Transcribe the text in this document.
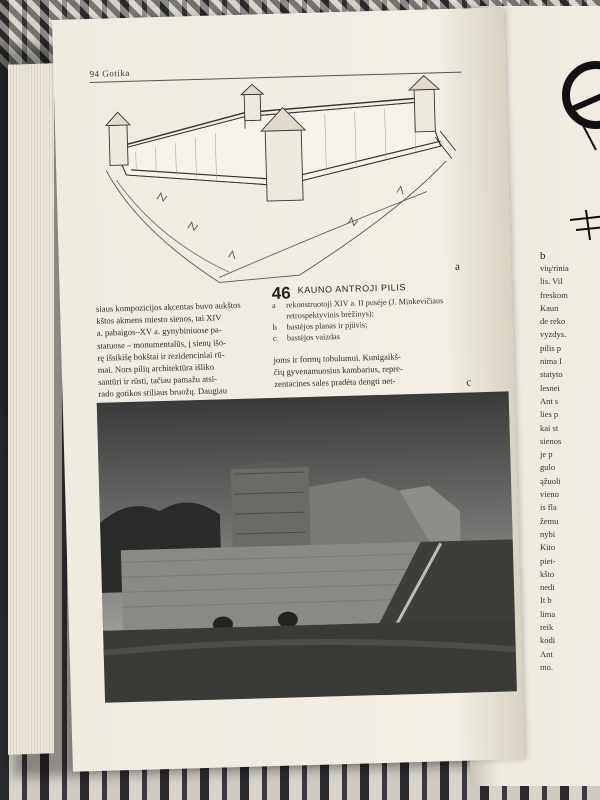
b
vių/rinia
lis. Vil
freskom
Kaun
de reko
vyzdys.
pilis p
nima I
statyto
lesnei
Ant s
lies p
kai st
sienos
je p
gulo
ąžuoli
vieno
is fla
žemu
nybi
Kito
piet-
kšto
nedi
It b
lima
reik
kodi
Ant
mo.
94 Gotika
a

siaus kompozicijos akcentas buvo aukštos

kštos akmens miesto sienos, tai XIV

a. pabaigos–XV a. gynybiniuose pa-

statuose – monumentalūs, į sienų išo-

rę išsikišę bokštai ir rezidenciniai rū-

mai. Nors pilių architektūra išliko

santūri ir rūsti, tačiau pamažu atsi-

rado gotikos stiliaus bruožų. Daugiau

46 KAUNO ANTROJI PILIS
a	rekonstruotoji XIV a. II pusėje (J. Minkevičiaus retrospektyvinis brėžinys);
b	bastėjos planas ir pjūvis;
c	bastėjos vaizdas

joms ir formų tobulumui. Kunigaikš-

čių gyvenamuosius kambarius, repre-

zentacines sales pradėta dengti net-	c
